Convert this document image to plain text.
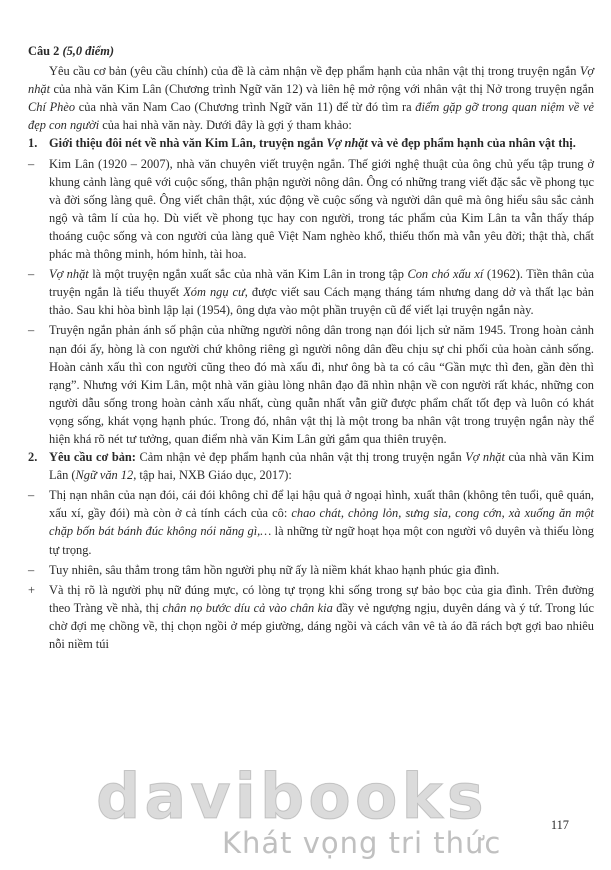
Câu 2 (5,0 điểm)

Yêu cầu cơ bản (yêu cầu chính) của đề là cảm nhận về đẹp phẩm hạnh của nhân vật thị trong truyện ngắn Vợ nhặt của nhà văn Kim Lân (Chương trình Ngữ văn 12) và liên hệ mở rộng với nhân vật thị Nở trong truyện ngắn Chí Phèo của nhà văn Nam Cao (Chương trình Ngữ văn 11) để từ đó tìm ra điểm gặp gỡ trong quan niệm về vẻ đẹp con người của hai nhà văn này. Dưới đây là gợi ý tham khảo:

1. Giới thiệu đôi nét về nhà văn Kim Lân, truyện ngắn Vợ nhặt và vẻ đẹp phẩm hạnh của nhân vật thị.
–	Kim Lân (1920 – 2007), nhà văn chuyên viết truyện ngắn. Thế giới nghệ thuật của ông chủ yếu tập trung ở khung cảnh làng quê với cuộc sống, thân phận người nông dân. Ông có những trang viết đặc sắc về phong tục và đời sống làng quê. Ông viết chân thật, xúc động về cuộc sống và người dân quê mà ông hiểu sâu sắc cảnh ngộ và tâm lí của họ. Dù viết về phong tục hay con người, trong tác phẩm của Kim Lân ta vẫn thấy tháp thoáng cuộc sống và con người của làng quê Việt Nam nghèo khổ, thiếu thốn mà vẫn yêu đời; thật thà, chất phác mà thông minh, hóm hỉnh, tài hoa.
–	Vợ nhặt là một truyện ngắn xuất sắc của nhà văn Kim Lân in trong tập Con chó xấu xí (1962). Tiền thân của truyện ngắn là tiểu thuyết Xóm ngụ cư, được viết sau Cách mạng tháng tám nhưng dang dở và thất lạc bản thảo. Sau khi hòa bình lập lại (1954), ông dựa vào một phần truyện cũ để viết lại truyện ngắn này.
–	Truyện ngắn phản ánh số phận của những người nông dân trong nạn đói lịch sử năm 1945. Trong hoàn cảnh nạn đói ấy, hòng là con người chứ không riêng gì người nông dân đều chịu sự chi phối của hoàn cảnh sống. Hoàn cảnh xấu thì con người cũng theo đó mà xấu đi, như ông bà ta có câu “Gần mực thì đen, gần đèn thì rạng”. Nhưng với Kim Lân, một nhà văn giàu lòng nhân đạo đã nhìn nhận về con người rất khác, những con người dẫu sống trong hoàn cảnh xấu nhất, cùng quẫn nhất vẫn giữ được phẩm chất tốt đẹp và luôn có khát vọng sống, khát vọng hạnh phúc. Trong đó, nhân vật thị là một trong ba nhân vật trong truyện ngắn này thể hiện khá rõ nét tư tưởng, quan điểm nhà văn Kim Lân gửi gắm qua thiên truyện.
2. Yêu cầu cơ bản: Cảm nhận vẻ đẹp phẩm hạnh của nhân vật thị trong truyện ngắn Vợ nhặt của nhà văn Kim Lân (Ngữ văn 12, tập hai, NXB Giáo dục, 2017):
–	Thị nạn nhân của nạn đói, cái đói không chỉ để lại hậu quả ở ngoại hình, xuất thân (không tên tuổi, quê quán, xấu xí, gầy đói) mà còn ở cả tính cách của cô: chao chát, chỏng lỏn, sưng sỉa, cong cớn, xà xuống ăn một chặp bốn bát bánh đúc không nói năng gì,… là những từ ngữ hoạt họa một con người vô duyên và thiếu lòng tự trọng.
–	Tuy nhiên, sâu thẳm trong tâm hồn người phụ nữ ấy là niềm khát khao hạnh phúc gia đình.
+	Và thị rõ là người phụ nữ đúng mực, có lòng tự trọng khi sống trong sự bảo bọc của gia đình. Trên đường theo Tràng về nhà, thị chân nọ bước díu cả vào chân kia đầy vẻ ngượng ngịu, duyên dáng và ý tứ. Trong lúc chờ đợi mẹ chồng về, thị chọn ngồi ở mép giường, dáng ngồi và cách vân vê tà áo đã rách bợt gợi bao nhiêu nỗi niềm túi
117
davibooks
Khát vọng tri thức
